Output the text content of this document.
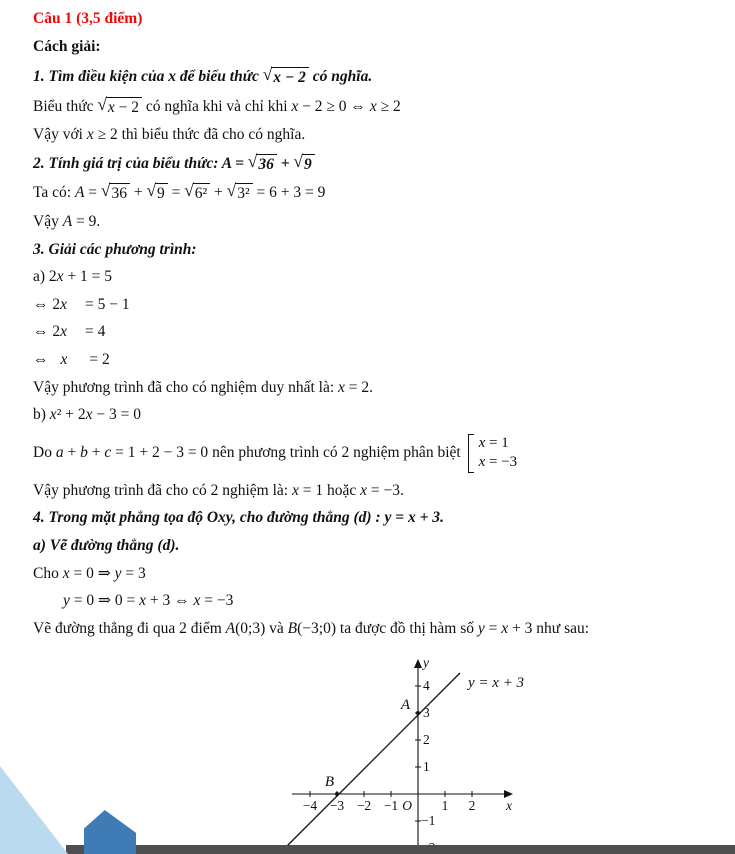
Câu 1 (3,5 điểm)
Cách giải:
1. Tìm điều kiện của x để biểu thức √ x − 2 có nghĩa.
Biểu thức √ x − 2 có nghĩa khi và chỉ khi x − 2 ≥ 0 ⇔ x ≥ 2
Vậy với x ≥ 2 thì biểu thức đã cho có nghĩa.
2. Tính giá trị của biểu thức: A = √ 36 + √ 9
Ta có: A = √ 36 + √ 9 = √ 6² + √ 3² = 6 + 3 = 9
Vậy A = 9.
3. Giải các phương trình:
a) 2x + 1 = 5
⇔ 2x = 5 − 1
⇔ 2x = 4
⇔ x = 2
Vậy phương trình đã cho có nghiệm duy nhất là: x = 2.
b) x² + 2x − 3 = 0
Do a + b + c = 1 + 2 − 3 = 0 nên phương trình có 2 nghiệm phân biệt
x = 1
x = −3
Vậy phương trình đã cho có 2 nghiệm là: x = 1 hoặc x = −3.
4. Trong mặt phẳng tọa độ Oxy, cho đường thẳng (d) : y = x + 3.
a) Vẽ đường thẳng (d).
Cho x = 0 ⇒ y = 3
y = 0 ⇒ 0 = x + 3 ⇔ x = −3
Vẽ đường thẳng đi qua 2 điểm A(0;3) và B(−3;0) ta được đồ thị hàm số y = x + 3 như sau:
−4 −3 −2 −1	1 2
O
1
2
3
4
−1
x
y
A
B
y = x + 3
